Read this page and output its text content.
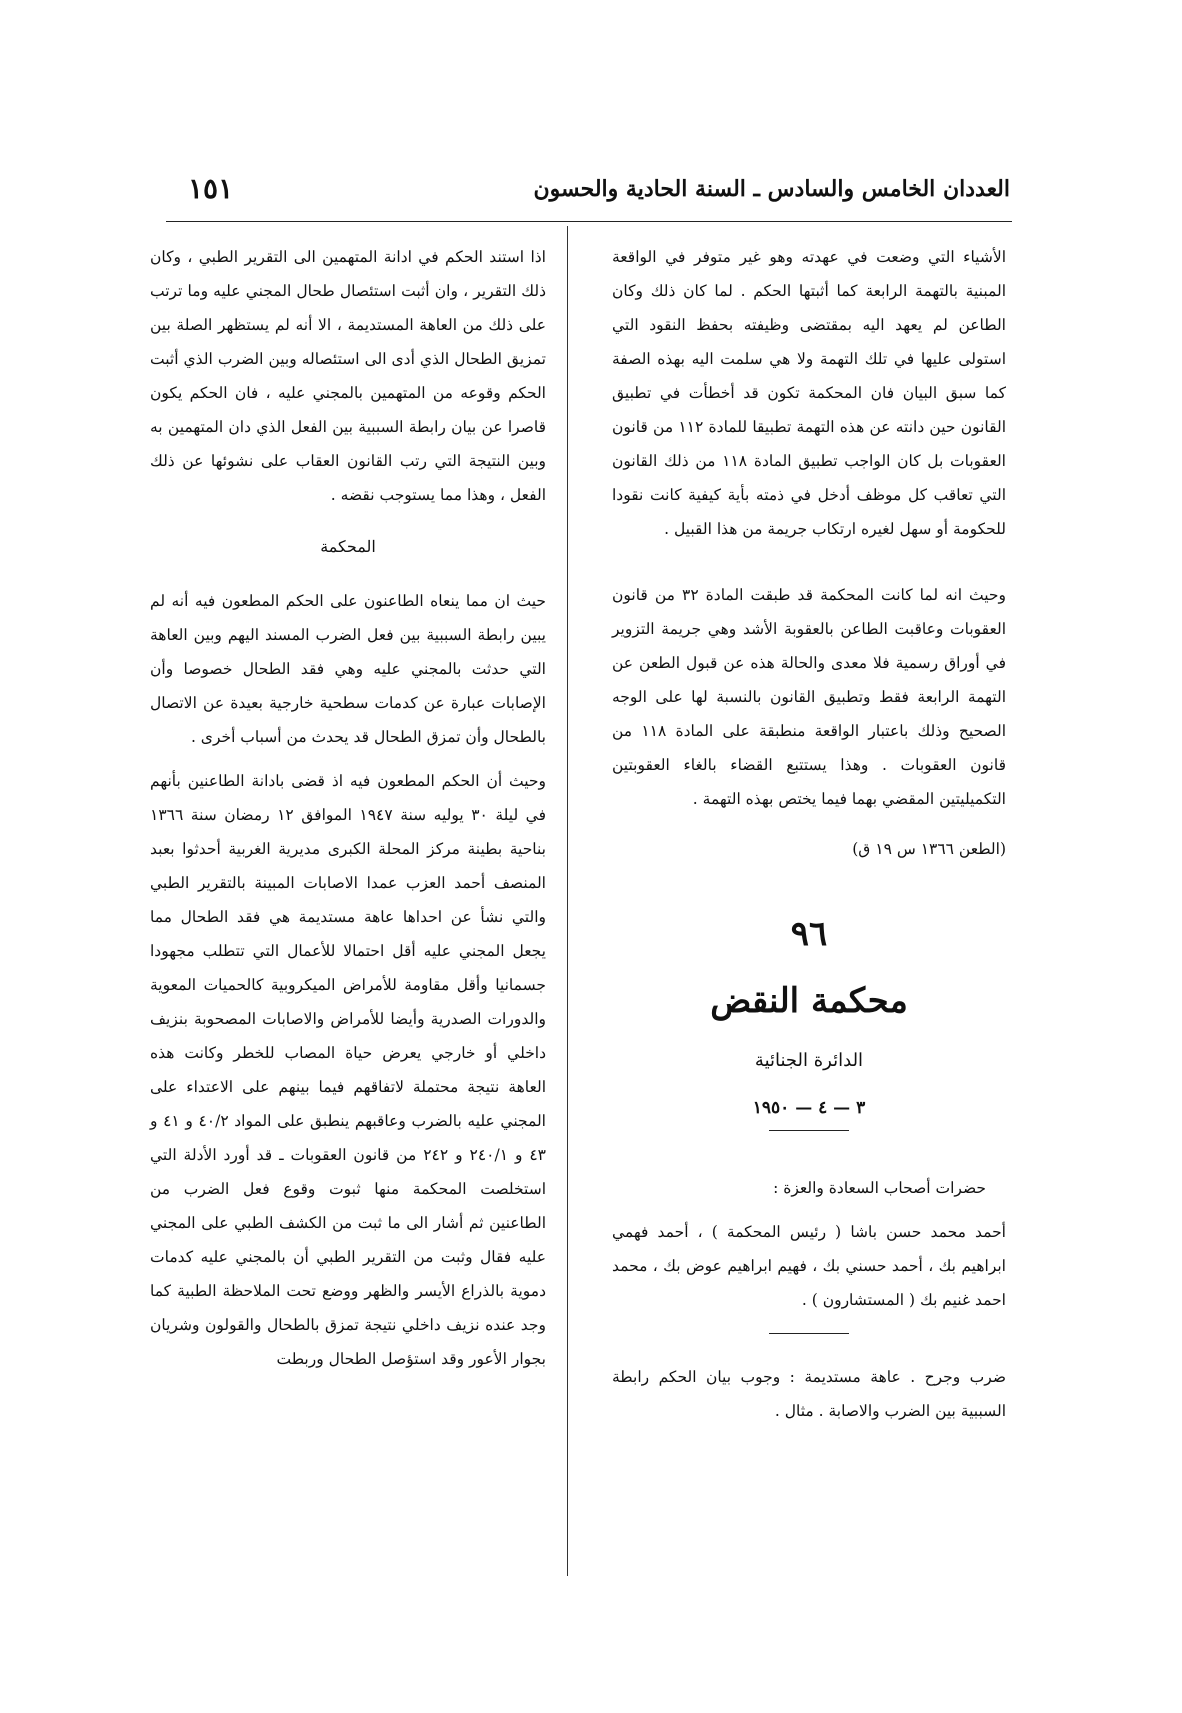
العددان الخامس والسادس ـ السنة الحادية والحسون
١٥١

الأشياء التي وضعت في عهدته وهو غير متوفر في الواقعة المبنية بالتهمة الرابعة كما أثبتها الحكم . لما كان ذلك وكان الطاعن لم يعهد اليه بمقتضى وظيفته بحفظ النقود التي استولى عليها في تلك التهمة ولا هي سلمت اليه بهذه الصفة كما سبق البيان فان المحكمة تكون قد أخطأت في تطبيق القانون حين دانته عن هذه التهمة تطبيقا للمادة ١١٢ من قانون العقوبات بل كان الواجب تطبيق المادة ١١٨ من ذلك القانون التي تعاقب كل موظف أدخل في ذمته بأية كيفية كانت نقودا للحكومة أو سهل لغيره ارتكاب جريمة من هذا القبيل .

وحيث انه لما كانت المحكمة قد طبقت المادة ٣٢ من قانون العقوبات وعاقبت الطاعن بالعقوبة الأشد وهي جريمة التزوير في أوراق رسمية فلا معدى والحالة هذه عن قبول الطعن عن التهمة الرابعة فقط وتطبيق القانون بالنسبة لها على الوجه الصحيح وذلك باعتبار الواقعة منطبقة على المادة ١١٨ من قانون العقوبات . وهذا يستتبع القضاء بالغاء العقوبتين التكميليتين المقضي بهما فيما يختص بهذه التهمة .

(الطعن ١٣٦٦ س ١٩ ق)

٩٦
محكمة النقض
الدائرة الجنائية
٣ — ٤ — ١٩٥٠

حضرات أصحاب السعادة والعزة :

أحمد محمد حسن باشا ( رئيس المحكمة ) ، أحمد فهمي ابراهيم بك ، أحمد حسني بك ، فهيم ابراهيم عوض بك ، محمد احمد غنيم بك ( المستشارون ) .

ضرب وجرح . عاهة مستديمة : وجوب بيان الحكم رابطة السببية بين الضرب والاصابة . مثال .

اذا استند الحكم في ادانة المتهمين الى التقرير الطبي ، وكان ذلك التقرير ، وان أثبت استئصال طحال المجني عليه وما ترتب على ذلك من العاهة المستديمة ، الا أنه لم يستظهر الصلة بين تمزيق الطحال الذي أدى الى استئصاله وبين الضرب الذي أثبت الحكم وقوعه من المتهمين بالمجني عليه ، فان الحكم يكون قاصرا عن بيان رابطة السببية بين الفعل الذي دان المتهمين به وبين النتيجة التي رتب القانون العقاب على نشوئها عن ذلك الفعل ، وهذا مما يستوجب نقضه .

المحكمة

حيث ان مما ينعاه الطاعنون على الحكم المطعون فيه أنه لم يبين رابطة السببية بين فعل الضرب المسند اليهم وبين العاهة التي حدثت بالمجني عليه وهي فقد الطحال خصوصا وأن الإصابات عبارة عن كدمات سطحية خارجية بعيدة عن الاتصال بالطحال وأن تمزق الطحال قد يحدث من أسباب أخرى .

وحيث أن الحكم المطعون فيه اذ قضى بادانة الطاعنين بأنهم في ليلة ٣٠ يوليه سنة ١٩٤٧ الموافق ١٢ رمضان سنة ١٣٦٦ بناحية بطينة مركز المحلة الكبرى مديرية الغربية أحدثوا بعبد المنصف أحمد العزب عمدا الاصابات المبينة بالتقرير الطبي والتي نشأ عن احداها عاهة مستديمة هي فقد الطحال مما يجعل المجني عليه أقل احتمالا للأعمال التي تتطلب مجهودا جسمانيا وأقل مقاومة للأمراض الميكروبية كالحميات المعوية والدورات الصدرية وأيضا للأمراض والاصابات المصحوبة بنزيف داخلي أو خارجي يعرض حياة المصاب للخطر وكانت هذه العاهة نتيجة محتملة لاتفاقهم فيما بينهم على الاعتداء على المجني عليه بالضرب وعاقبهم ينطبق على المواد ٤٠/٢ و ٤١ و ٤٣ و ٢٤٠/١ و ٢٤٢ من قانون العقوبات ـ قد أورد الأدلة التي استخلصت المحكمة منها ثبوت وقوع فعل الضرب من الطاعنين ثم أشار الى ما ثبت من الكشف الطبي على المجني عليه فقال وثبت من التقرير الطبي أن بالمجني عليه كدمات دموية بالذراع الأيسر والظهر ووضع تحت الملاحظة الطبية كما وجد عنده نزيف داخلي نتيجة تمزق بالطحال والقولون وشريان بجوار الأعور وقد استؤصل الطحال وربطت
